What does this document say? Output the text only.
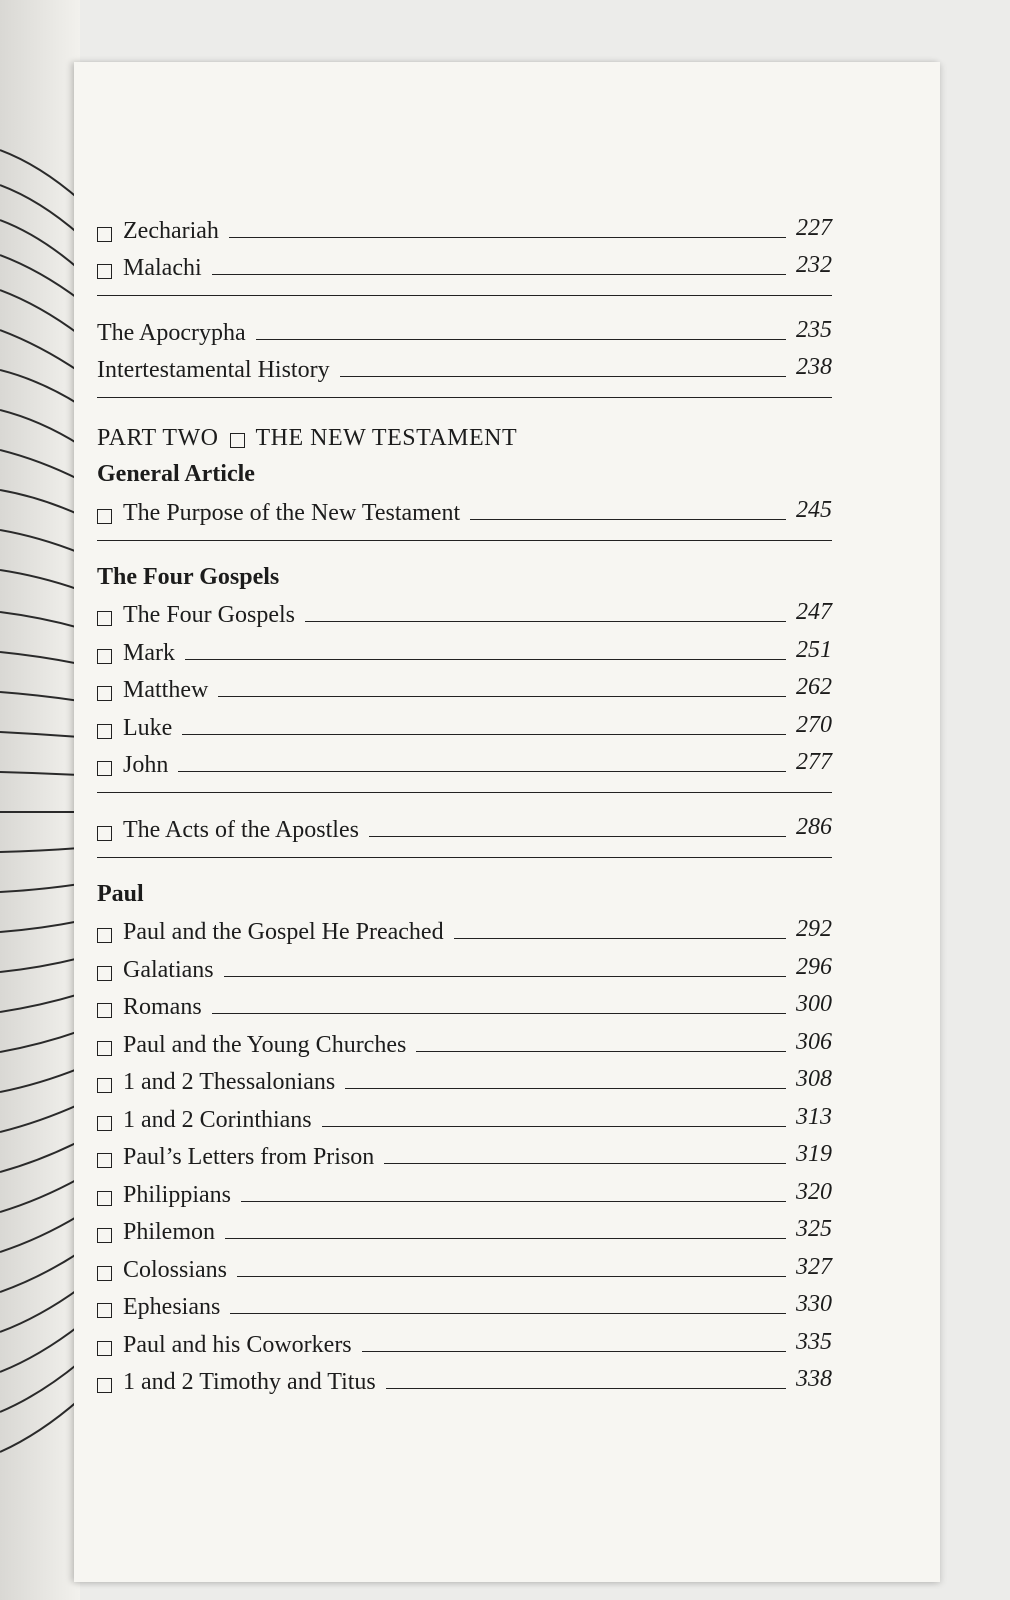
Zechariah	227
Malachi	232
The Apocrypha	235
Intertestamental History	238
PART TWO THE NEW TESTAMENT
General Article
The Purpose of the New Testament	245
The Four Gospels
The Four Gospels	247
Mark	251
Matthew	262
Luke	270
John	277
The Acts of the Apostles	286
Paul
Paul and the Gospel He Preached	292
Galatians	296
Romans	300
Paul and the Young Churches	306
1 and 2 Thessalonians	308
1 and 2 Corinthians	313
Paul’s Letters from Prison	319
Philippians	320
Philemon	325
Colossians	327
Ephesians	330
Paul and his Coworkers	335
1 and 2 Timothy and Titus	338
